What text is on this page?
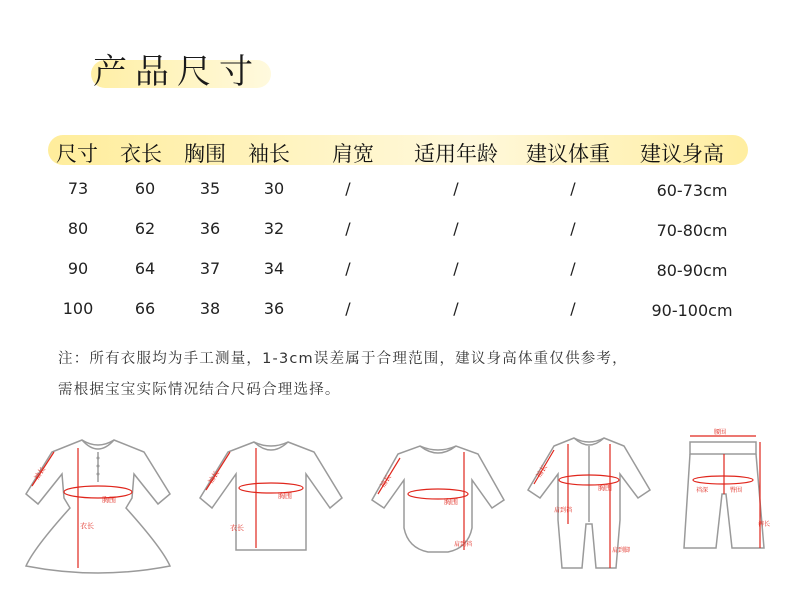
产品尺寸
尺寸 衣长 胸围 袖长 肩宽 适用年龄 建议体重 建议身高
73	60	35	30	/	/	/	60-73cm
80	62	36	32	/	/	/	70-80cm
90	64	37	34	/	/	/	80-90cm
100	66	38	36	/	/	/	90-100cm
注：所有衣服均为手工测量，1-3cm误差属于合理范围，建议身高体重仅供参考，
需根据宝宝实际情况结合尺码合理选择。
袖长
胸围
衣长
袖长
胸围
衣长
袖长
胸围
肩到裆
袖长
胸围
肩到裆
肩到脚
腰围
臀围
裆深
裤长
